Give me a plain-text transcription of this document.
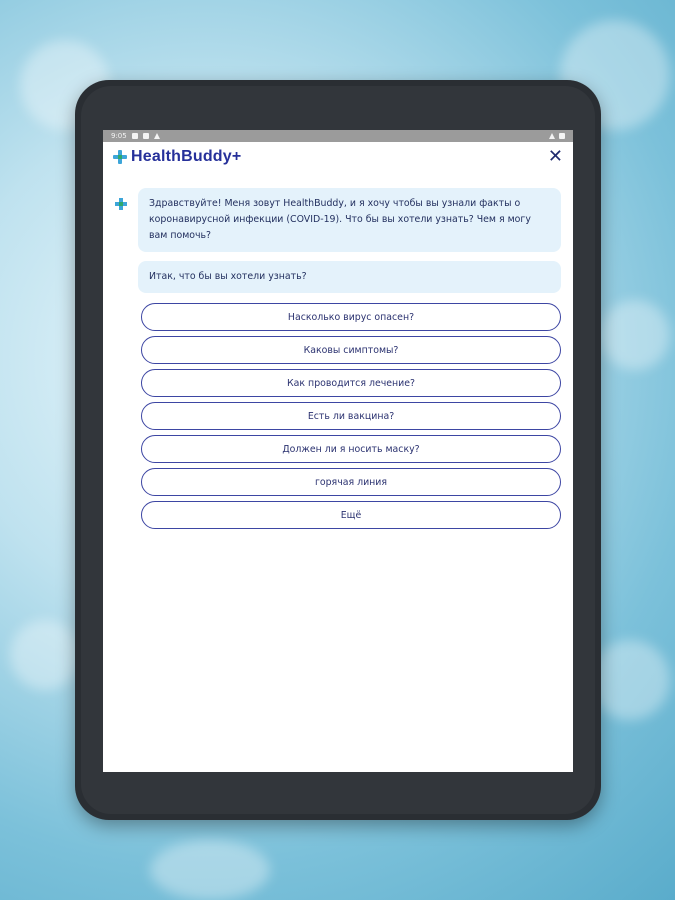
9:05
HealthBuddy+	✕
Здравствуйте! Меня зовут HealthBuddy, и я хочу чтобы вы узнали факты о коронавирусной инфекции (COVID-19). Что бы вы хотели узнать? Чем я могу вам помочь?
Итак, что бы вы хотели узнать?
Насколько вирус опасен?
Каковы симптомы?
Как проводится лечение?
Есть ли вакцина?
Должен ли я носить маску?
горячая линия
Ещё
